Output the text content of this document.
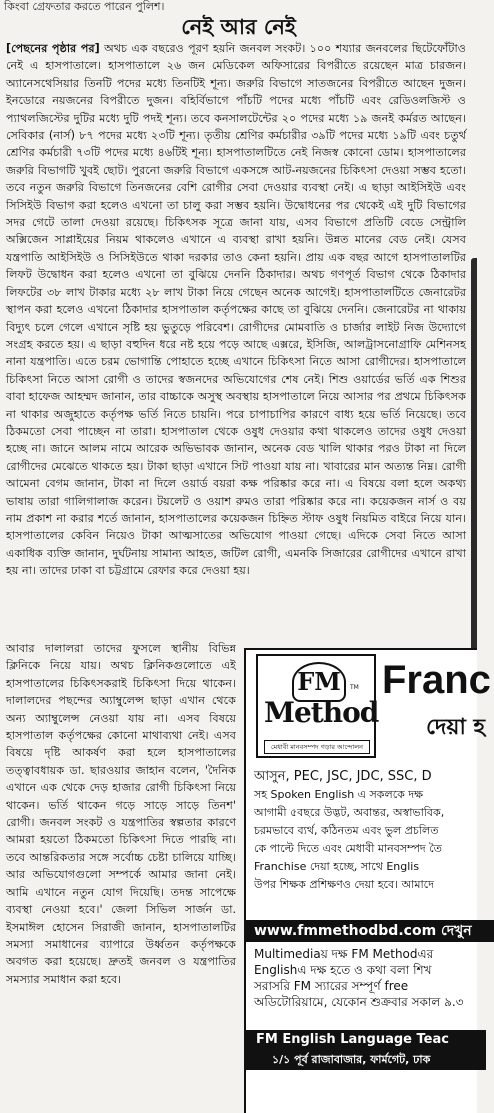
কিংবা গ্রেফতার করতে পারেন পুলিশ।
নেই আর নেই
[পেছনের পৃষ্ঠার পর] অথচ এক বছরেও পূরণ হয়নি জনবল সংকট। ১০০ শয্যার জনবলের ছিটেফোঁটাও নেই এ হাসপাতালে। হাসপাতালে ২৬ জন মেডিকেল অফিসারের বিপরীতে রয়েছেন মাত্র চারজন। অ্যানেসথেসিয়ার তিনটি পদের মধ্যে তিনটিই শূন্য। জরুরি বিভাগে সাতজনের বিপরীতে আছেন দুজন। ইনডোরে নয়জনের বিপরীতে দুজন। বহির্বিভাগে পাঁচটি পদের মধ্যে পাঁচটি এবং রেডিওলজিস্ট ও প্যাথলজিস্টের দুটির মধ্যে দুটি পদই শূন্য। তবে কনসালটেন্টের ২০ পদের মধ্যে ১৯ জনই কর্মরত আছেন। সেবিকার (নার্স) ৮৭ পদের মধ্যে ২৩টি শূন্য। তৃতীয় শ্রেণির কর্মচারীর ৩৯টি পদের মধ্যে ১৯টি এবং চতুর্থ শ্রেণির কর্মচারী ৭৩টি পদের মধ্যে ৪৬টিই শূন্য। হাসপাতালটিতে নেই নিজস্ব কোনো ডোম। হাসপাতালের জরুরি বিভাগটি খুবই ছোট। পুরনো জরুরি বিভাগে একসঙ্গে আট-নয়জনের চিকিৎসা দেওয়া সম্ভব হতো। তবে নতুন জরুরি বিভাগে তিনজনের বেশি রোগীর সেবা দেওয়ার ব্যবস্থা নেই। এ ছাড়া আইসিইউ এবং সিসিইউ বিভাগ করা হলেও এখনো তা চালু করা সম্ভব হয়নি। উদ্বোধনের পর থেকেই এই দুটি বিভাগের সদর গেটে তালা দেওয়া রয়েছে। চিকিৎসক সূত্রে জানা যায়, এসব বিভাগে প্রতিটি বেডে সেন্ট্রালি অক্সিজেন সাপ্লাইয়ের নিয়ম থাকলেও এখানে এ ব্যবস্থা রাখা হয়নি। উন্নত মানের বেড নেই। যেসব যন্ত্রপাতি আইসিইউ ও সিসিইউতে থাকা দরকার তাও কেনা হয়নি। প্রায় এক বছর আগে হাসপাতালটির লিফট উদ্বোধন করা হলেও এখনো তা বুঝিয়ে দেননি ঠিকাদার। অথচ গণপূর্ত বিভাগ থেকে ঠিকাদার লিফটের ৩৮ লাখ টাকার মধ্যে ২৮ লাখ টাকা নিয়ে গেছেন অনেক আগেই। হাসপাতালটিতে জেনারেটর স্থাপন করা হলেও এখনো ঠিকাদার হাসপাতাল কর্তৃপক্ষের কাছে তা বুঝিয়ে দেননি। জেনারেটর না থাকায় বিদ্যুৎ চলে গেলে এখানে সৃষ্টি হয় ভুতুড়ে পরিবেশ। রোগীদের মোমবাতি ও চার্জার লাইট নিজ উদ্যোগে সংগ্রহ করতে হয়। এ ছাড়া বহুদিন ধরে নষ্ট হয়ে পড়ে আছে এক্সরে, ইসিজি, আলট্রাসনোগ্রাফি মেশিনসহ নানা যন্ত্রপাতি। এতে চরম ভোগান্তি পোহাতে হচ্ছে এখানে চিকিৎসা নিতে আসা রোগীদের। হাসপাতালে চিকিৎসা নিতে আসা রোগী ও তাদের স্বজনদের অভিযোগের শেষ নেই। শিশু ওয়ার্ডের ভর্তি এক শিশুর বাবা হাফেজ আহম্মদ জানান, তার বাচ্চাকে অসুস্থ অবস্থায় হাসপাতালে নিয়ে আসার পর প্রথমে চিকিৎসক না থাকার অজুহাতে কর্তৃপক্ষ ভর্তি নিতে চায়নি। পরে চাপাচাপির কারণে বাধ্য হয়ে ভর্তি নিয়েছে। তবে ঠিকমতো সেবা পাচ্ছেন না তারা। হাসপাতাল থেকে ওষুধ দেওয়ার কথা থাকলেও তাদের ওষুধ দেওয়া হচ্ছে না। জানে আলম নামে আরেক অভিভাবক জানান, অনেক বেড খালি থাকার পরও টাকা না দিলে রোগীদের মেঝেতে থাকতে হয়। টাকা ছাড়া এখানে সিট পাওয়া যায় না। খাবারের মান অত্যন্ত নিম্ন। রোগী আমেনা বেগম জানান, টাকা না দিলে ওয়ার্ড বয়রা কক্ষ পরিষ্কার করে না। এ বিষয়ে বলা হলে অকথ্য ভাষায় তারা গালিগালাজ করেন। টয়লেট ও ওয়াশ রুমও তারা পরিষ্কার করে না। কয়েকজন নার্স ও বয় নাম প্রকাশ না করার শর্তে জানান, হাসপাতালের কয়েকজন চিহ্নিত স্টাফ ওষুধ নিয়মিত বাইরে নিয়ে যান। হাসপাতালের কেবিন নিয়েও টাকা আত্মসাতের অভিযোগ পাওয়া গেছে। এদিকে সেবা নিতে আসা একাধিক ব্যক্তি জানান, দুর্ঘটনায় সামান্য আহত, জটিল রোগী, এমনকি সিজারের রোগীদের এখানে রাখা হয় না। তাদের ঢাকা বা চট্টগ্রামে রেফার করে দেওয়া হয়।
আবার দালালরা তাদের ফুসলে স্থানীয় বিভিন্ন ক্লিনিকে নিয়ে যায়। অথচ ক্লিনিকগুলোতে এই হাসপাতালের চিকিৎসকরাই চিকিৎসা দিয়ে থাকেন। দালালদের পছন্দের অ্যাম্বুলেন্স ছাড়া এখান থেকে অন্য অ্যাম্বুলেন্স নেওয়া যায় না। এসব বিষয়ে হাসপাতাল কর্তৃপক্ষের কোনো মাথাব্যথা নেই। এসব বিষয়ে দৃষ্টি আকর্ষণ করা হলে হাসপাতালের তত্ত্বাবধায়ক ডা. ছারওয়ার জাহান বলেন, 'দৈনিক এখানে এক থেকে দেড় হাজার রোগী চিকিৎসা নিয়ে থাকেন। ভর্তি থাকেন গড়ে সাড়ে সাড়ে তিনশ' রোগী। জনবল সংকট ও যন্ত্রপাতির স্বল্পতার কারণে আমরা হয়তো ঠিকমতো চিকিৎসা দিতে পারছি না। তবে আন্তরিকতার সঙ্গে সর্বোচ্চ চেষ্টা চালিয়ে যাচ্ছি। আর অভিযোগগুলো সম্পর্কে আমার জানা নেই। আমি এখানে নতুন যোগ দিয়েছি। তদন্ত সাপেক্ষে ব্যবস্থা নেওয়া হবে।' জেলা সিভিল সার্জন ডা. ইসমাঈল হোসেন সিরাজী জানান, হাসপাতালটির সমস্যা সমাধানের ব্যাপারে উর্ধ্বতন কর্তৃপক্ষকে অবগত করা হয়েছে। দ্রুতই জনবল ও যন্ত্রপাতির সমস্যার সমাধান করা হবে।
FM	TM
Method
মেধাবী মানবসম্পদ গড়ার আন্দোলন
Franc
দেয়া হ
আসুন, PEC, JSC, JDC, SSC, D
সহ Spoken English এ সকলকে দক্ষ
আগামী ৫বছরে উদ্ভট, অবান্তর, অস্বাভাবিক,
চরমভাবে ব্যর্থ, কঠিনতম এবং ভুল প্রচলিত
কে পাল্টে দিতে এবং মেধাবী মানবসম্পদ তৈ
Franchise দেয়া হচ্ছে, সাথে Englis
উপর শিক্ষক প্রশিক্ষণও দেয়া হবে। আমাদে
www.fmmethodbd.com দেখুন
Multimediaয় দক্ষ FM Methodএর
Englishএ দক্ষ হতে ও কথা বলা শিখ
সরাসরি FM স্যারের সম্পূর্ণ free
অডিটোরিয়ামে, যেকোন শুক্রবার সকাল ৯.৩
FM English Language Teac
১/১ পূর্ব রাজাবাজার, ফার্মগেট, ঢাক
